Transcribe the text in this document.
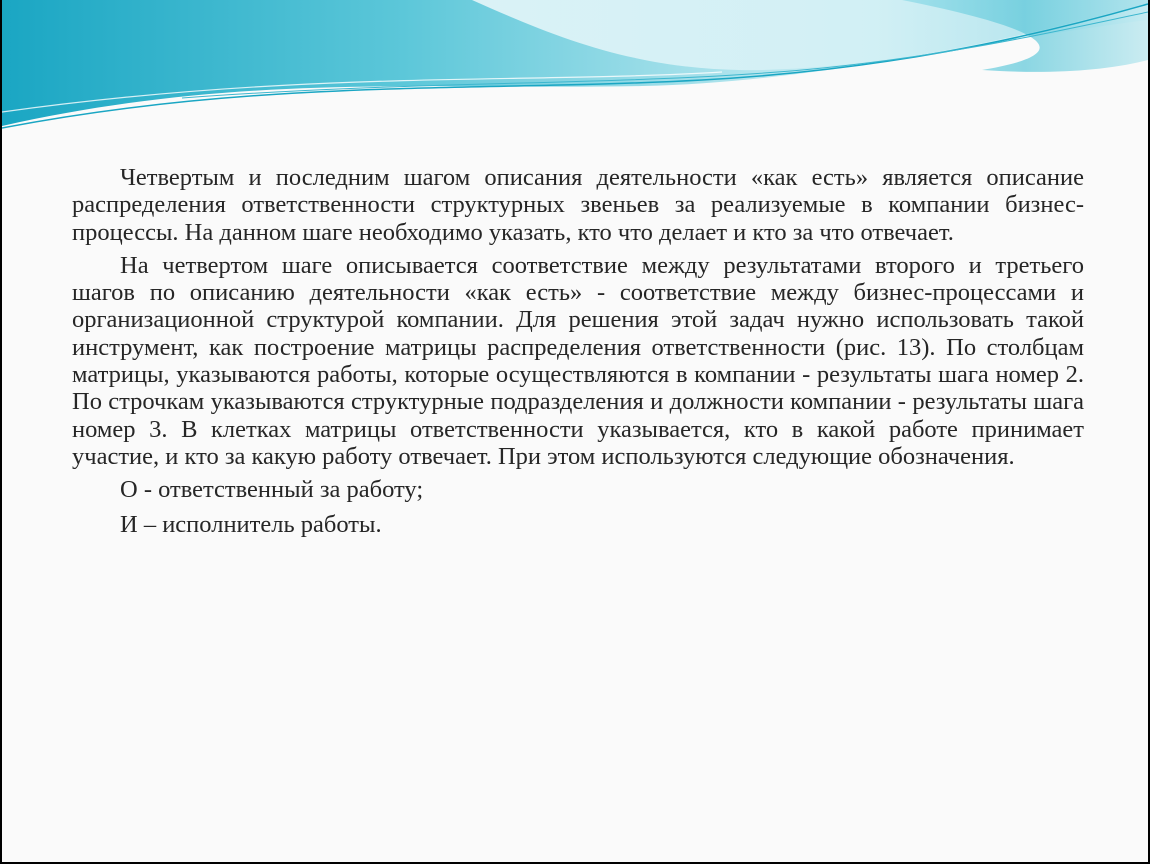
Четвертым и последним шагом описания деятельности «как есть» является описание распределения ответственности структурных звеньев за реализуемые в компании бизнес-процессы. На данном шаге необходимо указать, кто что делает и кто за что отвечает.

На четвертом шаге описывается соответствие между результатами второго и третьего шагов по описанию деятельности «как есть» - соответствие между бизнес-процессами и организационной структурой компании. Для решения этой задач нужно использовать такой инструмент, как построение матрицы распределения ответственности (рис. 13). По столбцам матрицы, указываются работы, которые осуществляются в компании - результаты шага номер 2. По строчкам указываются структурные подразделения и должности компании - результаты шага номер 3. В клетках матрицы ответственности указывается, кто в какой работе принимает участие, и кто за какую работу отвечает. При этом используются следующие обозначения.

О - ответственный за работу;

И – исполнитель работы.
